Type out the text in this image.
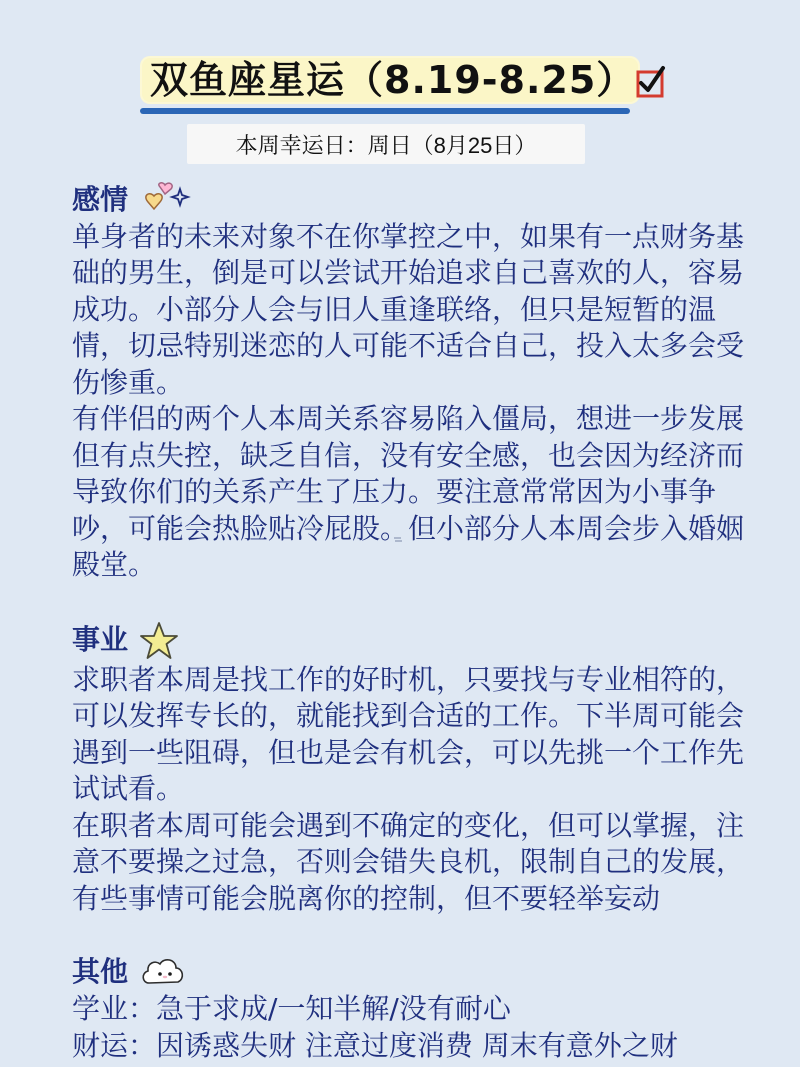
双鱼座星运（8.19-8.25）
本周幸运日：周日（8月25日）
感情

单身者的未来对象不在你掌控之中，如果有一点财务基础的男生，倒是可以尝试开始追求自己喜欢的人，容易成功。小部分人会与旧人重逢联络，但只是短暂的温情，切忌特别迷恋的人可能不适合自己，投入太多会受伤惨重。

有伴侣的两个人本周关系容易陷入僵局，想进一步发展但有点失控，缺乏自信，没有安全感，也会因为经济而导致你们的关系产生了压力。要注意常常因为小事争吵，可能会热脸贴冷屁股。但小部分人本周会步入婚姻殿堂。

事业

求职者本周是找工作的好时机，只要找与专业相符的，可以发挥专长的，就能找到合适的工作。下半周可能会遇到一些阻碍，但也是会有机会，可以先挑一个工作先试试看。

在职者本周可能会遇到不确定的变化，但可以掌握，注意不要操之过急，否则会错失良机，限制自己的发展，有些事情可能会脱离你的控制，但不要轻举妄动

其他

学业：急于求成/一知半解/没有耐心

财运：因诱惑失财 注意过度消费 周末有意外之财
